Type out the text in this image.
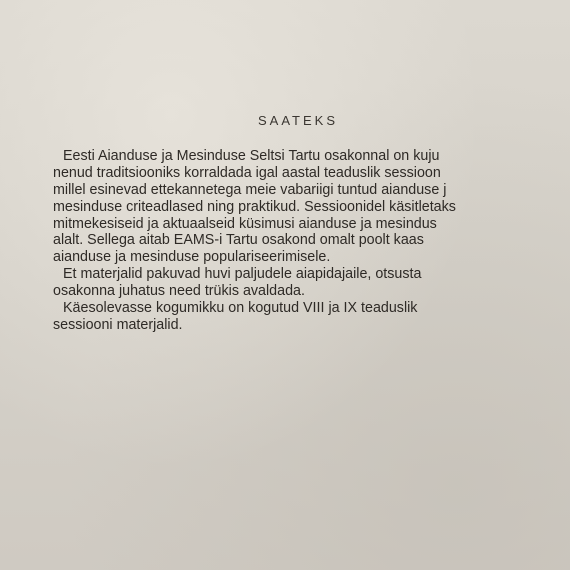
SAATEKS
Eesti Aianduse ja Mesinduse Seltsi Tartu osakonnal on kuju
nenud traditsiooniks korraldada igal aastal teaduslik sessioon
millel esinevad ettekannetega meie vabariigi tuntud aianduse j
mesinduse criteadlased ning praktikud. Sessioonidel käsitletaks
mitmekesiseid ja aktuaalseid küsimusi aianduse ja mesindus
alalt. Sellega aitab EAMS-i Tartu osakond omalt poolt kaas
aianduse ja mesinduse populariseerimisele.
Et materjalid pakuvad huvi paljudele aiapidajaile, otsusta
osakonna juhatus need trükis avaldada.
Käesolevasse kogumikku on kogutud VIII ja IX teaduslik
sessiooni materjalid.
